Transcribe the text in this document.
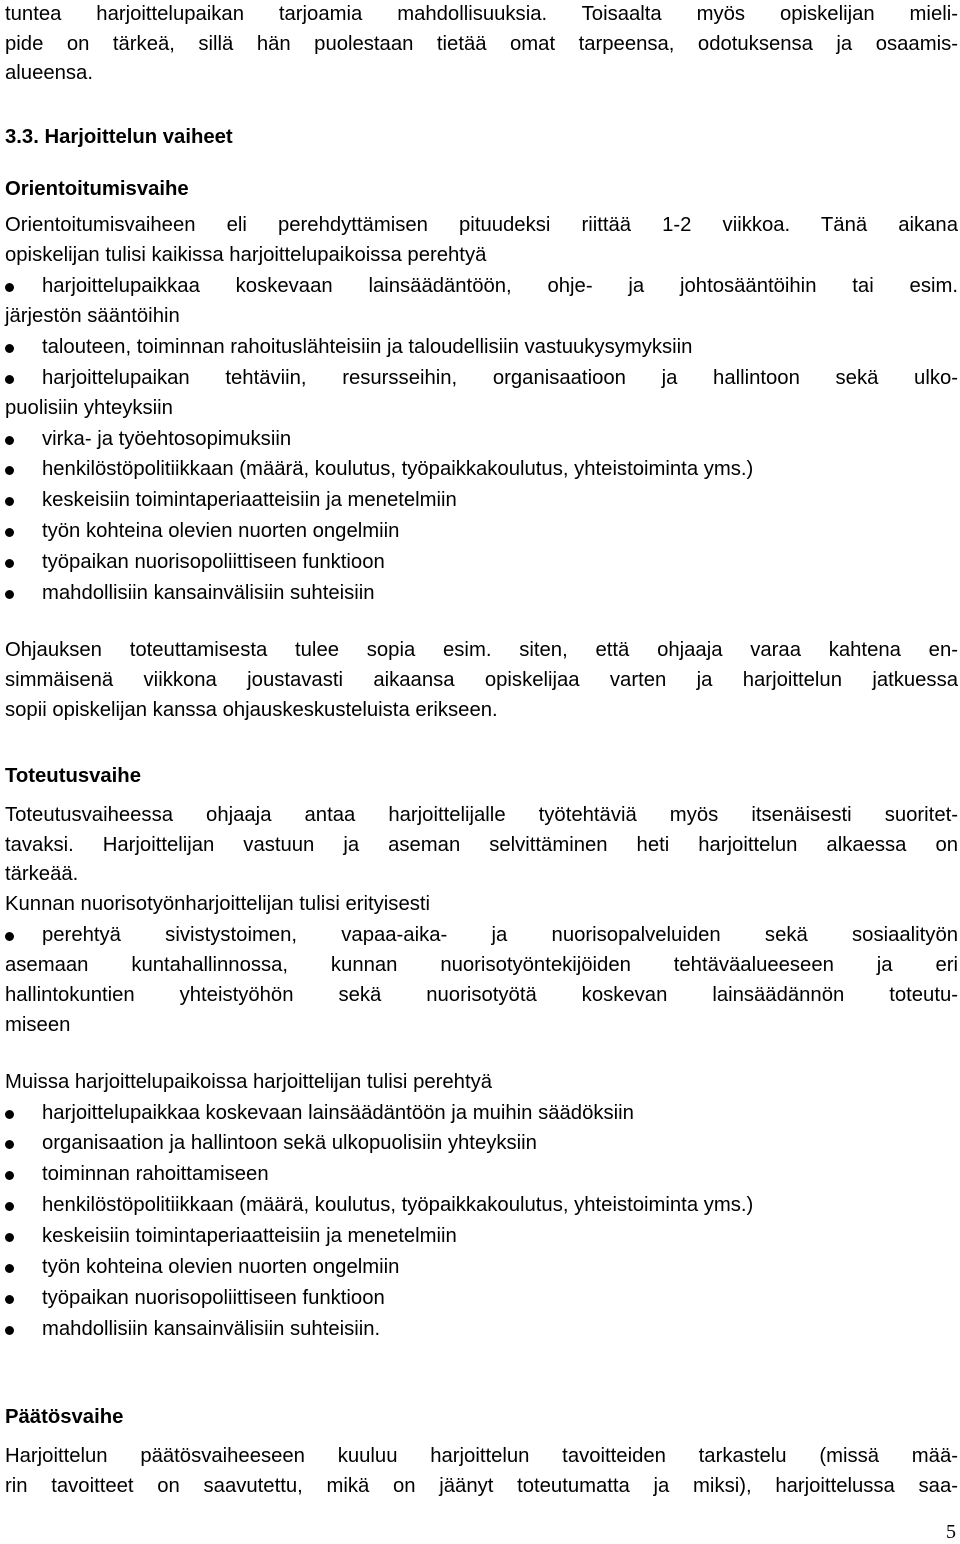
tuntea harjoittelupaikan tarjoamia mahdollisuuksia. Toisaalta myös opiskelijan mieli-

pide on tärkeä, sillä hän puolestaan tietää omat tarpeensa, odotuksensa ja osaamis-

alueensa.

3.3. Harjoittelun vaiheet

Orientoitumisvaihe

Orientoitumisvaiheen eli perehdyttämisen pituudeksi riittää 1-2 viikkoa. Tänä aikana

opiskelijan tulisi kaikissa harjoittelupaikoissa perehtyä

harjoittelupaikkaa koskevaan lainsäädäntöön, ohje- ja johtosääntöihin tai esim.

järjestön sääntöihin

talouteen, toiminnan rahoituslähteisiin ja taloudellisiin vastuukysymyksiin

harjoittelupaikan tehtäviin, resursseihin, organisaatioon ja hallintoon sekä ulko-

puolisiin yhteyksiin

virka- ja työehtosopimuksiin

henkilöstöpolitiikkaan (määrä, koulutus, työpaikkakoulutus, yhteistoiminta yms.)

keskeisiin toimintaperiaatteisiin ja menetelmiin

työn kohteina olevien nuorten ongelmiin

työpaikan nuorisopoliittiseen funktioon

mahdollisiin kansainvälisiin suhteisiin

Ohjauksen toteuttamisesta tulee sopia esim. siten, että ohjaaja varaa kahtena en-

simmäisenä viikkona joustavasti aikaansa opiskelijaa varten ja harjoittelun jatkuessa

sopii opiskelijan kanssa ohjauskeskusteluista erikseen.

Toteutusvaihe

Toteutusvaiheessa ohjaaja antaa harjoittelijalle työtehtäviä myös itsenäisesti suoritet-

tavaksi. Harjoittelijan vastuun ja aseman selvittäminen heti harjoittelun alkaessa on

tärkeää.

Kunnan nuorisotyönharjoittelijan tulisi erityisesti

perehtyä sivistystoimen, vapaa-aika- ja nuorisopalveluiden sekä sosiaalityön

asemaan kuntahallinnossa, kunnan nuorisotyöntekijöiden tehtäväalueeseen ja eri

hallintokuntien yhteistyöhön sekä nuorisotyötä koskevan lainsäädännön toteutu-

miseen

Muissa harjoittelupaikoissa harjoittelijan tulisi perehtyä

harjoittelupaikkaa koskevaan lainsäädäntöön ja muihin säädöksiin

organisaation ja hallintoon sekä ulkopuolisiin yhteyksiin

toiminnan rahoittamiseen

henkilöstöpolitiikkaan (määrä, koulutus, työpaikkakoulutus, yhteistoiminta yms.)

keskeisiin toimintaperiaatteisiin ja menetelmiin

työn kohteina olevien nuorten ongelmiin

työpaikan nuorisopoliittiseen funktioon

mahdollisiin kansainvälisiin suhteisiin.

Päätösvaihe

Harjoittelun päätösvaiheeseen kuuluu harjoittelun tavoitteiden tarkastelu (missä mää-

rin tavoitteet on saavutettu, mikä on jäänyt toteutumatta ja miksi), harjoittelussa saa-

5
